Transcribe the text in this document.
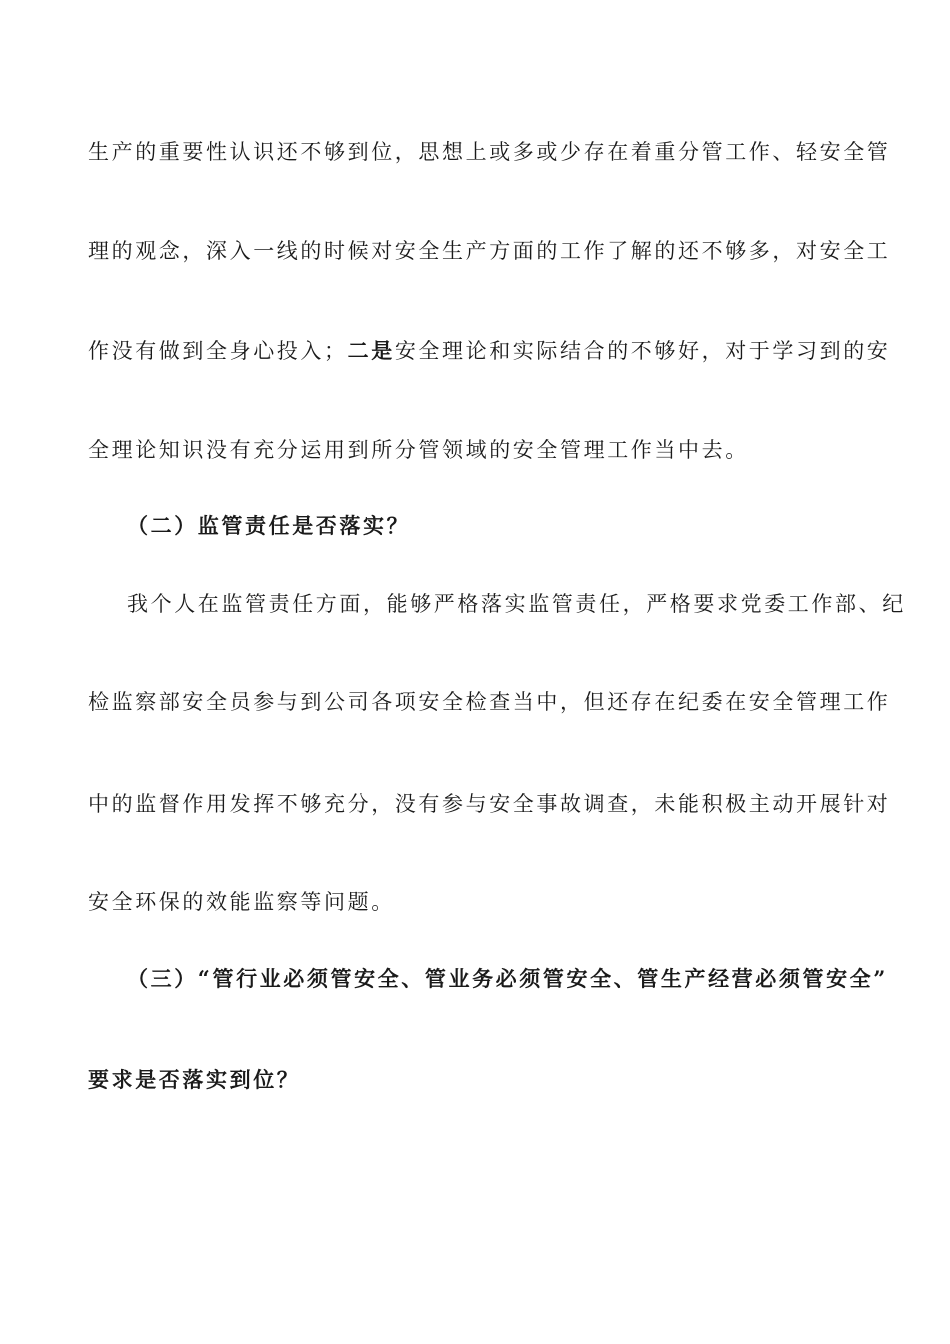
生产的重要性认识还不够到位，思想上或多或少存在着重分管工作、轻安全管
理的观念，深入一线的时候对安全生产方面的工作了解的还不够多，对安全工
作没有做到全身心投入；二是安全理论和实际结合的不够好，对于学习到的安
全理论知识没有充分运用到所分管领域的安全管理工作当中去。
（二）监管责任是否落实？
我个人在监管责任方面，能够严格落实监管责任，严格要求党委工作部、纪
检监察部安全员参与到公司各项安全检查当中，但还存在纪委在安全管理工作
中的监督作用发挥不够充分，没有参与安全事故调查，未能积极主动开展针对
安全环保的效能监察等问题。
（三）“管行业必须管安全、管业务必须管安全、管生产经营必须管安全”
要求是否落实到位？
